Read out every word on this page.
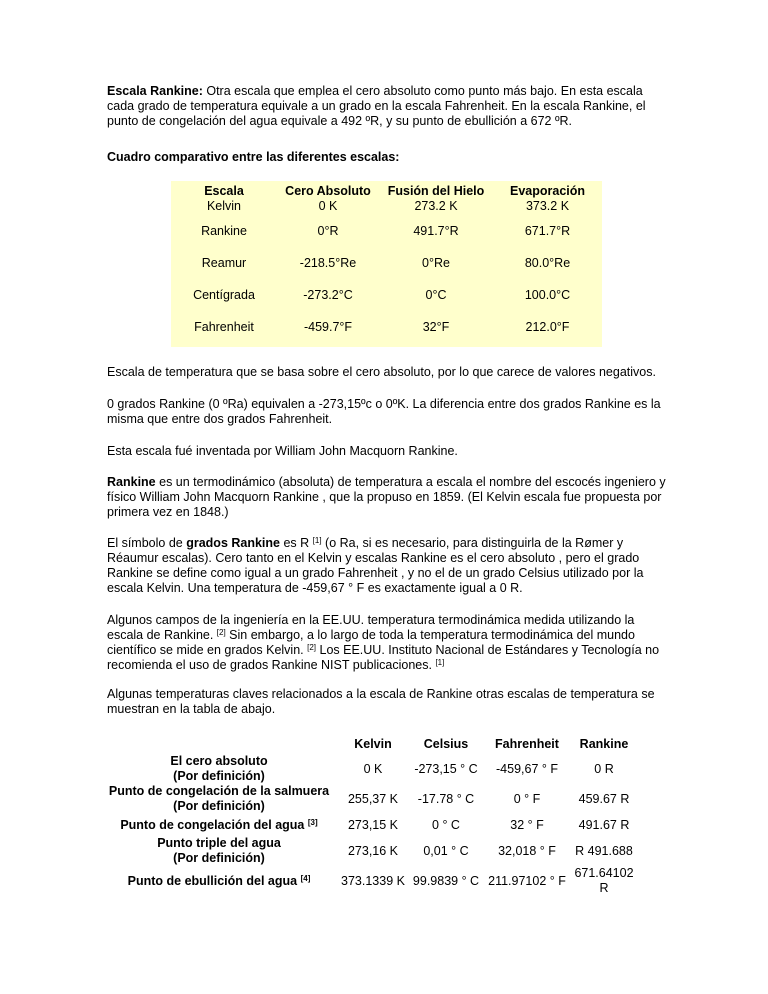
Escala Rankine: Otra escala que emplea el cero absoluto como punto más bajo. En esta escala cada grado de temperatura equivale a un grado en la escala Fahrenheit. En la escala Rankine, el punto de congelación del agua equivale a 492 ºR, y su punto de ebullición a 672 ºR.

Cuadro comparativo entre las diferentes escalas:

Escala	Cero Absoluto	Fusión del Hielo	Evaporación
Kelvin	0 K	273.2 K	373.2 K
Rankine	0°R	491.7°R	671.7°R
Reamur	-218.5°Re	0°Re	80.0°Re
Centígrada	-273.2°C	0°C	100.0°C
Fahrenheit	-459.7°F	32°F	212.0°F

Escala de temperatura que se basa sobre el cero absoluto, por lo que carece de valores negativos.

0 grados Rankine (0 ºRa) equivalen a -273,15ºc o 0ºK. La diferencia entre dos grados Rankine es la misma que entre dos grados Fahrenheit.

Esta escala fué inventada por William John Macquorn Rankine.

Rankine es un termodinámico (absoluta) de temperatura a escala el nombre del escocés ingeniero y físico William John Macquorn Rankine , que la propuso en 1859. (El Kelvin escala fue propuesta por primera vez en 1848.)

El símbolo de grados Rankine es R [1] (o Ra, si es necesario, para distinguirla de la Rømer y Réaumur escalas). Cero tanto en el Kelvin y escalas Rankine es el cero absoluto , pero el grado Rankine se define como igual a un grado Fahrenheit , y no el de un grado Celsius utilizado por la escala Kelvin. Una temperatura de -459,67 ° F es exactamente igual a 0 R.

Algunos campos de la ingeniería en la EE.UU. temperatura termodinámica medida utilizando la escala de Rankine. [2] Sin embargo, a lo largo de toda la temperatura termodinámica del mundo científico se mide en grados Kelvin. [2] Los EE.UU. Instituto Nacional de Estándares y Tecnología no recomienda el uso de grados Rankine NIST publicaciones. [1]

Algunas temperaturas claves relacionados a la escala de Rankine otras escalas de temperatura se muestran en la tabla de abajo.

	Kelvin	Celsius	Fahrenheit	Rankine
El cero absoluto
(Por definición)	0 K	-273,15 ° C	-459,67 ° F	0 R
Punto de congelación de la salmuera
(Por definición)	255,37 K	-17.78 ° C	0 ° F	459.67 R
Punto de congelación del agua [3]	273,15 K	0 ° C	32 ° F	491.67 R
Punto triple del agua
(Por definición)	273,16 K	0,01 ° C	32,018 ° F	R 491.688
Punto de ebullición del agua [4]	373.1339 K	99.9839 ° C	211.97102 ° F	671.64102 R
